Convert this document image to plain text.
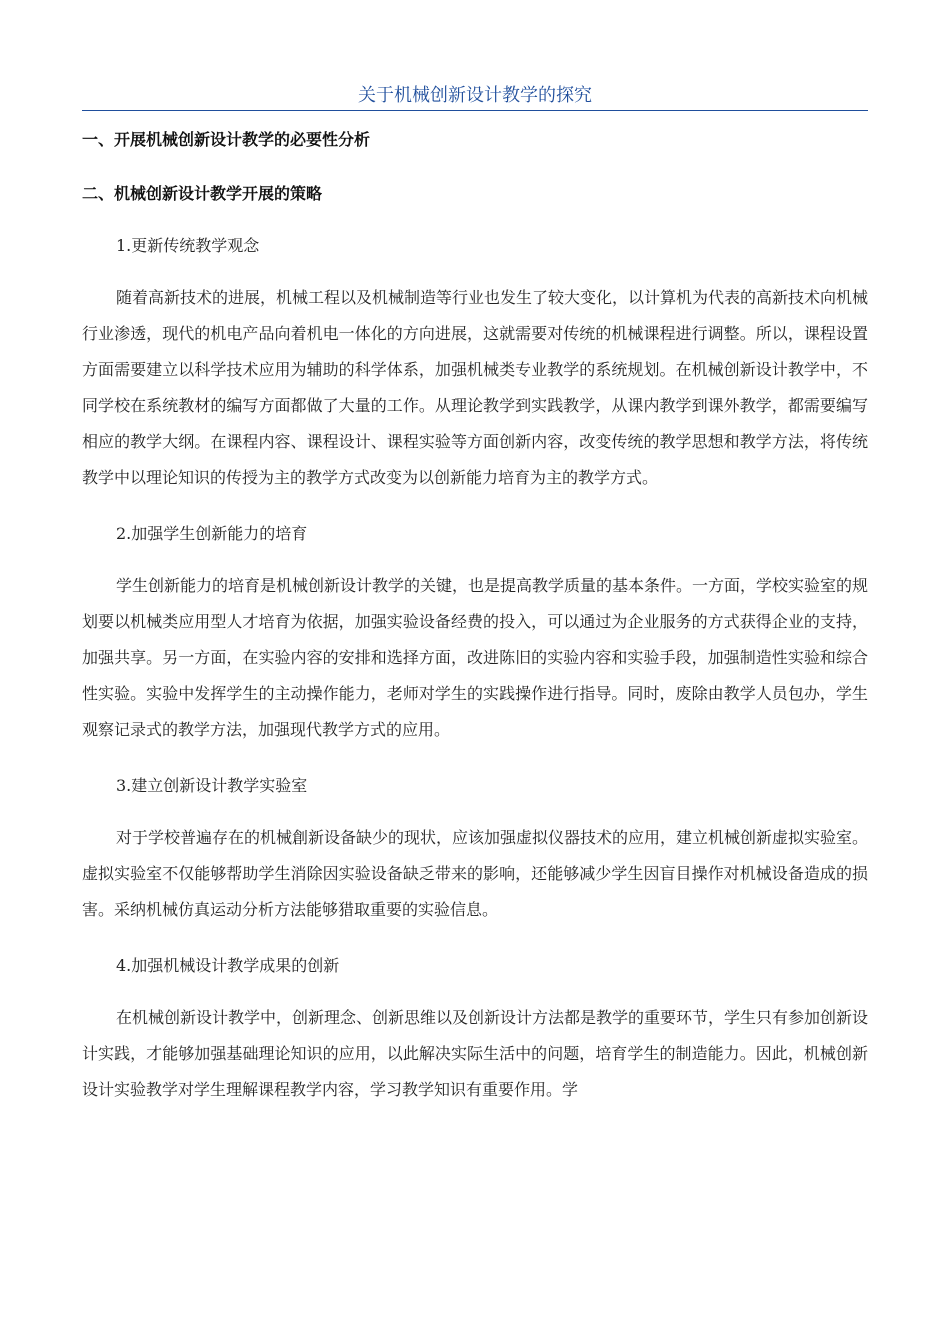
关于机械创新设计教学的探究

一、开展机械创新设计教学的必要性分析

二、机械创新设计教学开展的策略

1.更新传统教学观念

随着高新技术的进展，机械工程以及机械制造等行业也发生了较大变化，以计算机为代表的高新技术向机械行业渗透，现代的机电产品向着机电一体化的方向进展，这就需要对传统的机械课程进行调整。所以，课程设置方面需要建立以科学技术应用为辅助的科学体系，加强机械类专业教学的系统规划。在机械创新设计教学中，不同学校在系统教材的编写方面都做了大量的工作。从理论教学到实践教学，从课内教学到课外教学，都需要编写相应的教学大纲。在课程内容、课程设计、课程实验等方面创新内容，改变传统的教学思想和教学方法，将传统教学中以理论知识的传授为主的教学方式改变为以创新能力培育为主的教学方式。

2.加强学生创新能力的培育

学生创新能力的培育是机械创新设计教学的关键，也是提高教学质量的基本条件。一方面，学校实验室的规划要以机械类应用型人才培育为依据，加强实验设备经费的投入，可以通过为企业服务的方式获得企业的支持，加强共享。另一方面，在实验内容的安排和选择方面，改进陈旧的实验内容和实验手段，加强制造性实验和综合性实验。实验中发挥学生的主动操作能力，老师对学生的实践操作进行指导。同时，废除由教学人员包办，学生观察记录式的教学方法，加强现代教学方式的应用。

3.建立创新设计教学实验室

对于学校普遍存在的机械創新设备缺少的现状，应该加强虚拟仪器技术的应用，建立机械创新虚拟实验室。虚拟实验室不仅能够帮助学生消除因实验设备缺乏带来的影响，还能够减少学生因盲目操作对机械设备造成的损害。采纳机械仿真运动分析方法能够猎取重要的实验信息。

4.加强机械设计教学成果的创新

在机械创新设计教学中，创新理念、创新思维以及创新设计方法都是教学的重要环节，学生只有参加创新设计实践，才能够加强基础理论知识的应用，以此解决实际生活中的问题，培育学生的制造能力。因此，机械创新设计实验教学对学生理解课程教学内容，学习教学知识有重要作用。学
